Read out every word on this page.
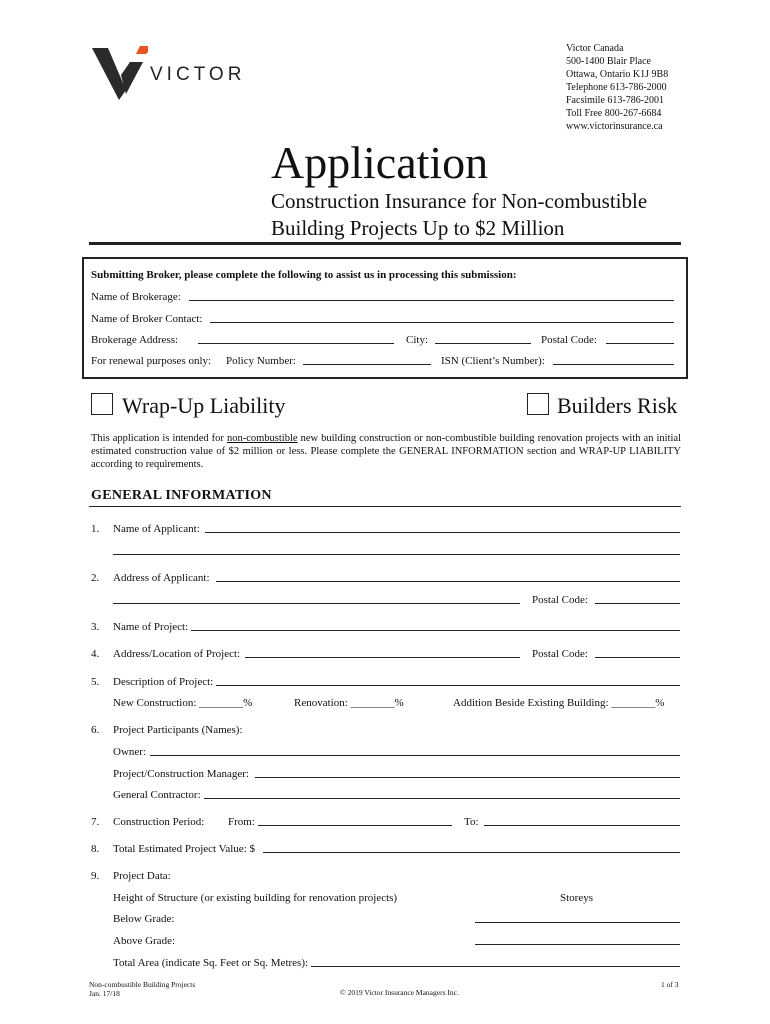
VICTOR
Victor Canada
500-1400 Blair Place
Ottawa, Ontario K1J 9B8
Telephone 613-786-2000
Facsimile 613-786-2001
Toll Free 800-267-6684
www.victorinsurance.ca
Application
Construction Insurance for Non-combustible
Building Projects Up to $2 Million
Submitting Broker, please complete the following to assist us in processing this submission:
Name of Brokerage:
Name of Broker Contact:
Brokerage Address:	City:	Postal Code:
For renewal purposes only: Policy Number:	ISN (Client’s Number):
Wrap-Up Liability	Builders Risk
This application is intended for non-combustible new building construction or non-combustible building renovation projects with an initial estimated construction value of $2 million or less. Please complete the GENERAL INFORMATION section and WRAP-UP LIABILITY according to requirements.
GENERAL INFORMATION
1. Name of Applicant:
2. Address of Applicant:
Postal Code:
3. Name of Project:
4. Address/Location of Project:	Postal Code:
5. Description of Project:
New Construction: ________%	Renovation: ________%	Addition Beside Existing Building: ________%
6. Project Participants (Names):
Owner:
Project/Construction Manager:
General Contractor:
7. Construction Period: From:	To:
8. Total Estimated Project Value: $
9. Project Data:
Height of Structure (or existing building for renovation projects)	Storeys
Below Grade:
Above Grade:
Total Area (indicate Sq. Feet or Sq. Metres):
Non-combustible Building Projects
Jan. 17/18	© 2019 Victor Insurance Managers Inc.
1 of 3
